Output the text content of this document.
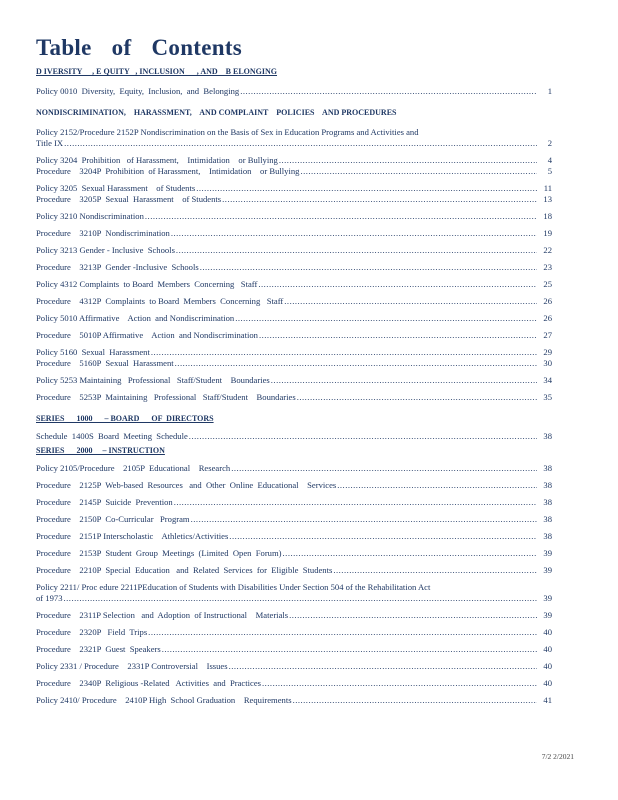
Table of Contents
D IVERSITY     , E QUITY   , INCLUSION      , AND    B ELONGING
Policy 0010  Diversity,  Equity,  Inclusion,  and  Belonging .....	1
NONDISCRIMINATION,    HARASSMENT,    AND COMPLAINT    POLICIES    AND PROCEDURES
Policy 2152/Procedure 2152P Nondiscrimination on the Basis of Sex in Education Programs and Activities and
Title IX .....	2
Policy 3204  Prohibition   of Harassment,    Intimidation    or Bullying .....	4
Procedure    3204P  Prohibition  of Harassment,    Intimidation    or Bullying .....	5
Policy 3205  Sexual Harassment    of Students .....	11
Procedure    3205P  Sexual  Harassment    of Students .....	13
Policy 3210 Nondiscrimination .....	18
Procedure    3210P  Nondiscrimination .....	19
Policy 3213 Gender - Inclusive  Schools .....	22
Procedure    3213P  Gender -Inclusive  Schools .....	23
Policy 4312 Complaints  to Board  Members  Concerning   Staff .....	25
Procedure    4312P  Complaints  to Board  Members  Concerning   Staff .....	26
Policy 5010 Affirmative    Action  and Nondiscrimination .....	26
Procedure    5010P Affirmative    Action  and Nondiscrimination .....	27
Policy 5160  Sexual  Harassment .....	29
Procedure    5160P  Sexual  Harassment .....	30
Policy 5253 Maintaining   Professional   Staff/Student    Boundaries .....	34
Procedure    5253P  Maintaining   Professional   Staff/Student    Boundaries .....	35
SERIES      1000      – BOARD      OF  DIRECTORS
Schedule  1400S  Board  Meeting  Schedule .....	38
SERIES      2000     – INSTRUCTION
Policy 2105/Procedure    2105P  Educational    Research .....	38
Procedure    2125P  Web-based  Resources   and  Other  Online  Educational    Services .....	38
Procedure    2145P  Suicide  Prevention .....	38
Procedure    2150P  Co-Curricular   Program .....	38
Procedure    2151P Interscholastic    Athletics/Activities .....	38
Procedure    2153P  Student  Group  Meetings  (Limited  Open  Forum) .....	39
Procedure    2210P  Special  Education   and  Related  Services  for  Eligible  Students .....	39
Policy 2211/ Proc edure 2211PEducation of Students with Disabilities Under Section 504 of the Rehabilitation Act
of 1973 .....	39
Procedure    2311P Selection   and  Adoption  of Instructional    Materials .....	39
Procedure    2320P   Field  Trips .....	40
Procedure    2321P  Guest  Speakers .....	40
Policy 2331 / Procedure    2331P Controversial    Issues .....	40
Procedure    2340P  Religious -Related   Activities  and  Practices .....	40
Policy 2410/ Procedure    2410P High  School Graduation    Requirements .....	41
7/2 2/2021
